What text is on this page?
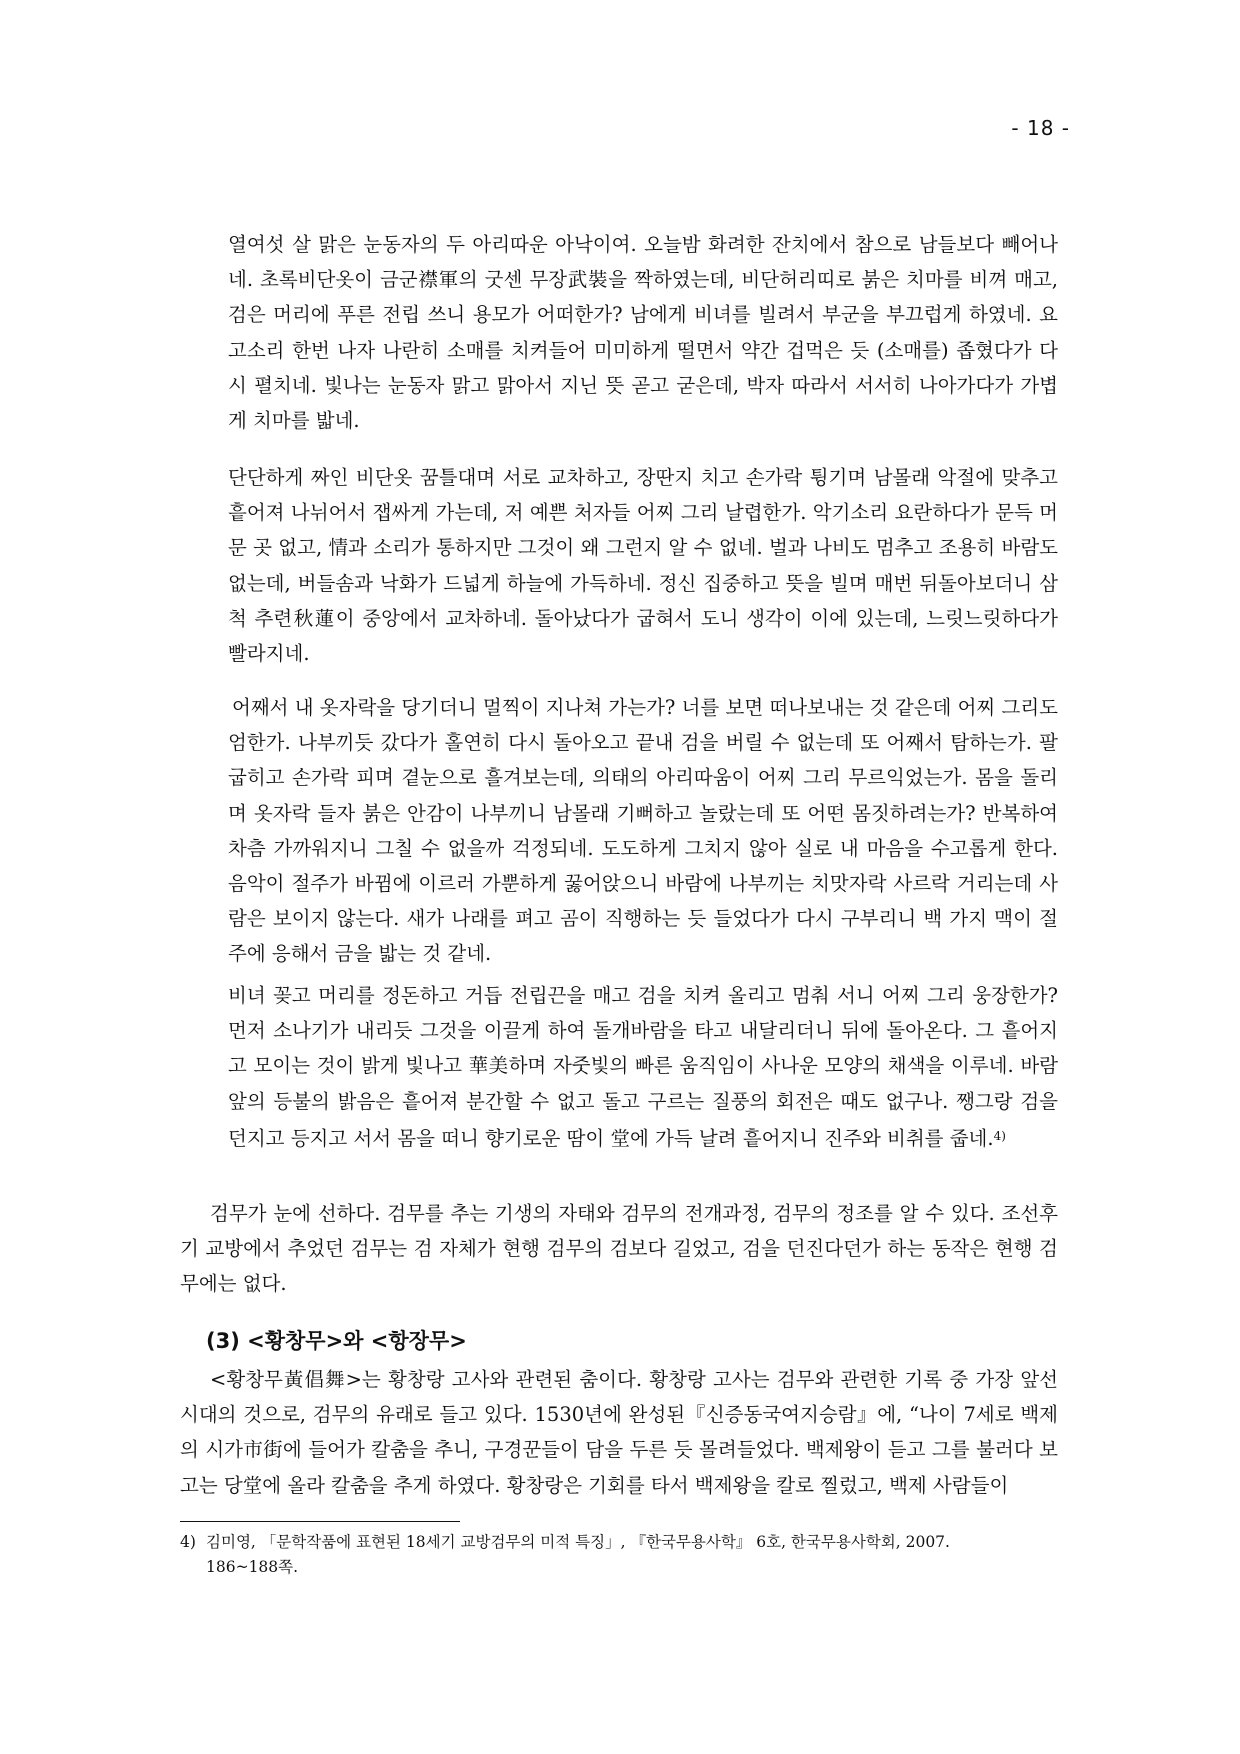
- 18 -

열여섯 살 맑은 눈동자의 두 아리따운 아낙이여. 오늘밤 화려한 잔치에서 참으로 남들보다 빼어나네. 초록비단옷이 금군襟軍의 굿센 무장武裝을 짝하였는데, 비단허리띠로 붉은 치마를 비껴 매고, 검은 머리에 푸른 전립 쓰니 용모가 어떠한가? 남에게 비녀를 빌려서 부군을 부끄럽게 하였네. 요고소리 한번 나자 나란히 소매를 치켜들어 미미하게 떨면서 약간 겁먹은 듯 (소매를) 좁혔다가 다시 펼치네. 빛나는 눈동자 맑고 맑아서 지닌 뜻 곧고 굳은데, 박자 따라서 서서히 나아가다가 가볍게 치마를 밟네.

단단하게 짜인 비단옷 꿈틀대며 서로 교차하고, 장딴지 치고 손가락 튕기며 남몰래 악절에 맞추고 흩어져 나뉘어서 잽싸게 가는데, 저 예쁜 처자들 어찌 그리 날렵한가. 악기소리 요란하다가 문득 머문 곳 없고, 情과 소리가 통하지만 그것이 왜 그런지 알 수 없네. 벌과 나비도 멈추고 조용히 바람도 없는데, 버들솜과 낙화가 드넓게 하늘에 가득하네. 정신 집중하고 뜻을 빌며 매번 뒤돌아보더니 삼 척 추련秋蓮이 중앙에서 교차하네. 돌아났다가 굽혀서 도니 생각이 이에 있는데, 느릿느릿하다가 빨라지네.

어째서 내 옷자락을 당기더니 멀찍이 지나쳐 가는가? 너를 보면 떠나보내는 것 같은데 어찌 그리도 엄한가. 나부끼듯 갔다가 홀연히 다시 돌아오고 끝내 검을 버릴 수 없는데 또 어째서 탐하는가. 팔 굽히고 손가락 피며 곁눈으로 흘겨보는데, 의태의 아리따움이 어찌 그리 무르익었는가. 몸을 돌리며 옷자락 들자 붉은 안감이 나부끼니 남몰래 기뻐하고 놀랐는데 또 어떤 몸짓하려는가? 반복하여 차츰 가까워지니 그칠 수 없을까 걱정되네. 도도하게 그치지 않아 실로 내 마음을 수고롭게 한다. 음악이 절주가 바뀜에 이르러 가뿐하게 꿇어앉으니 바람에 나부끼는 치맛자락 사르락 거리는데 사람은 보이지 않는다. 새가 나래를 펴고 곰이 직행하는 듯 들었다가 다시 구부리니 백 가지 맥이 절주에 응해서 금을 밟는 것 같네.

비녀 꽂고 머리를 정돈하고 거듭 전립끈을 매고 검을 치켜 올리고 멈춰 서니 어찌 그리 웅장한가? 먼저 소나기가 내리듯 그것을 이끌게 하여 돌개바람을 타고 내달리더니 뒤에 돌아온다. 그 흩어지고 모이는 것이 밝게 빛나고 華美하며 자줏빛의 빠른 움직임이 사나운 모양의 채색을 이루네. 바람 앞의 등불의 밝음은 흩어져 분간할 수 없고 돌고 구르는 질풍의 회전은 때도 없구나. 쨍그랑 검을 던지고 등지고 서서 몸을 떠니 향기로운 땀이 堂에 가득 날려 흩어지니 진주와 비취를 줍네.$^{4)}$

검무가 눈에 선하다. 검무를 추는 기생의 자태와 검무의 전개과정, 검무의 정조를 알 수 있다. 조선후기 교방에서 추었던 검무는 검 자체가 현행 검무의 검보다 길었고, 검을 던진다던가 하는 동작은 현행 검무에는 없다.

(3) <황창무>와 <항장무>

<황창무黃倡舞>는 황창랑 고사와 관련된 춤이다. 황창랑 고사는 검무와 관련한 기록 중 가장 앞선 시대의 것으로, 검무의 유래로 들고 있다. 1530년에 완성된『신증동국여지승람』에, “나이 7세로 백제의 시가市街에 들어가 칼춤을 추니, 구경꾼들이 담을 두른 듯 몰려들었다. 백제왕이 듣고 그를 불러다 보고는 당堂에 올라 칼춤을 추게 하였다. 황창랑은 기회를 타서 백제왕을 칼로 찔렀고, 백제 사람들이

4) 김미영, 「문학작품에 표현된 18세기 교방검무의 미적 특징」, 『한국무용사학』 6호, 한국무용사학회, 2007.
186~188쪽.
